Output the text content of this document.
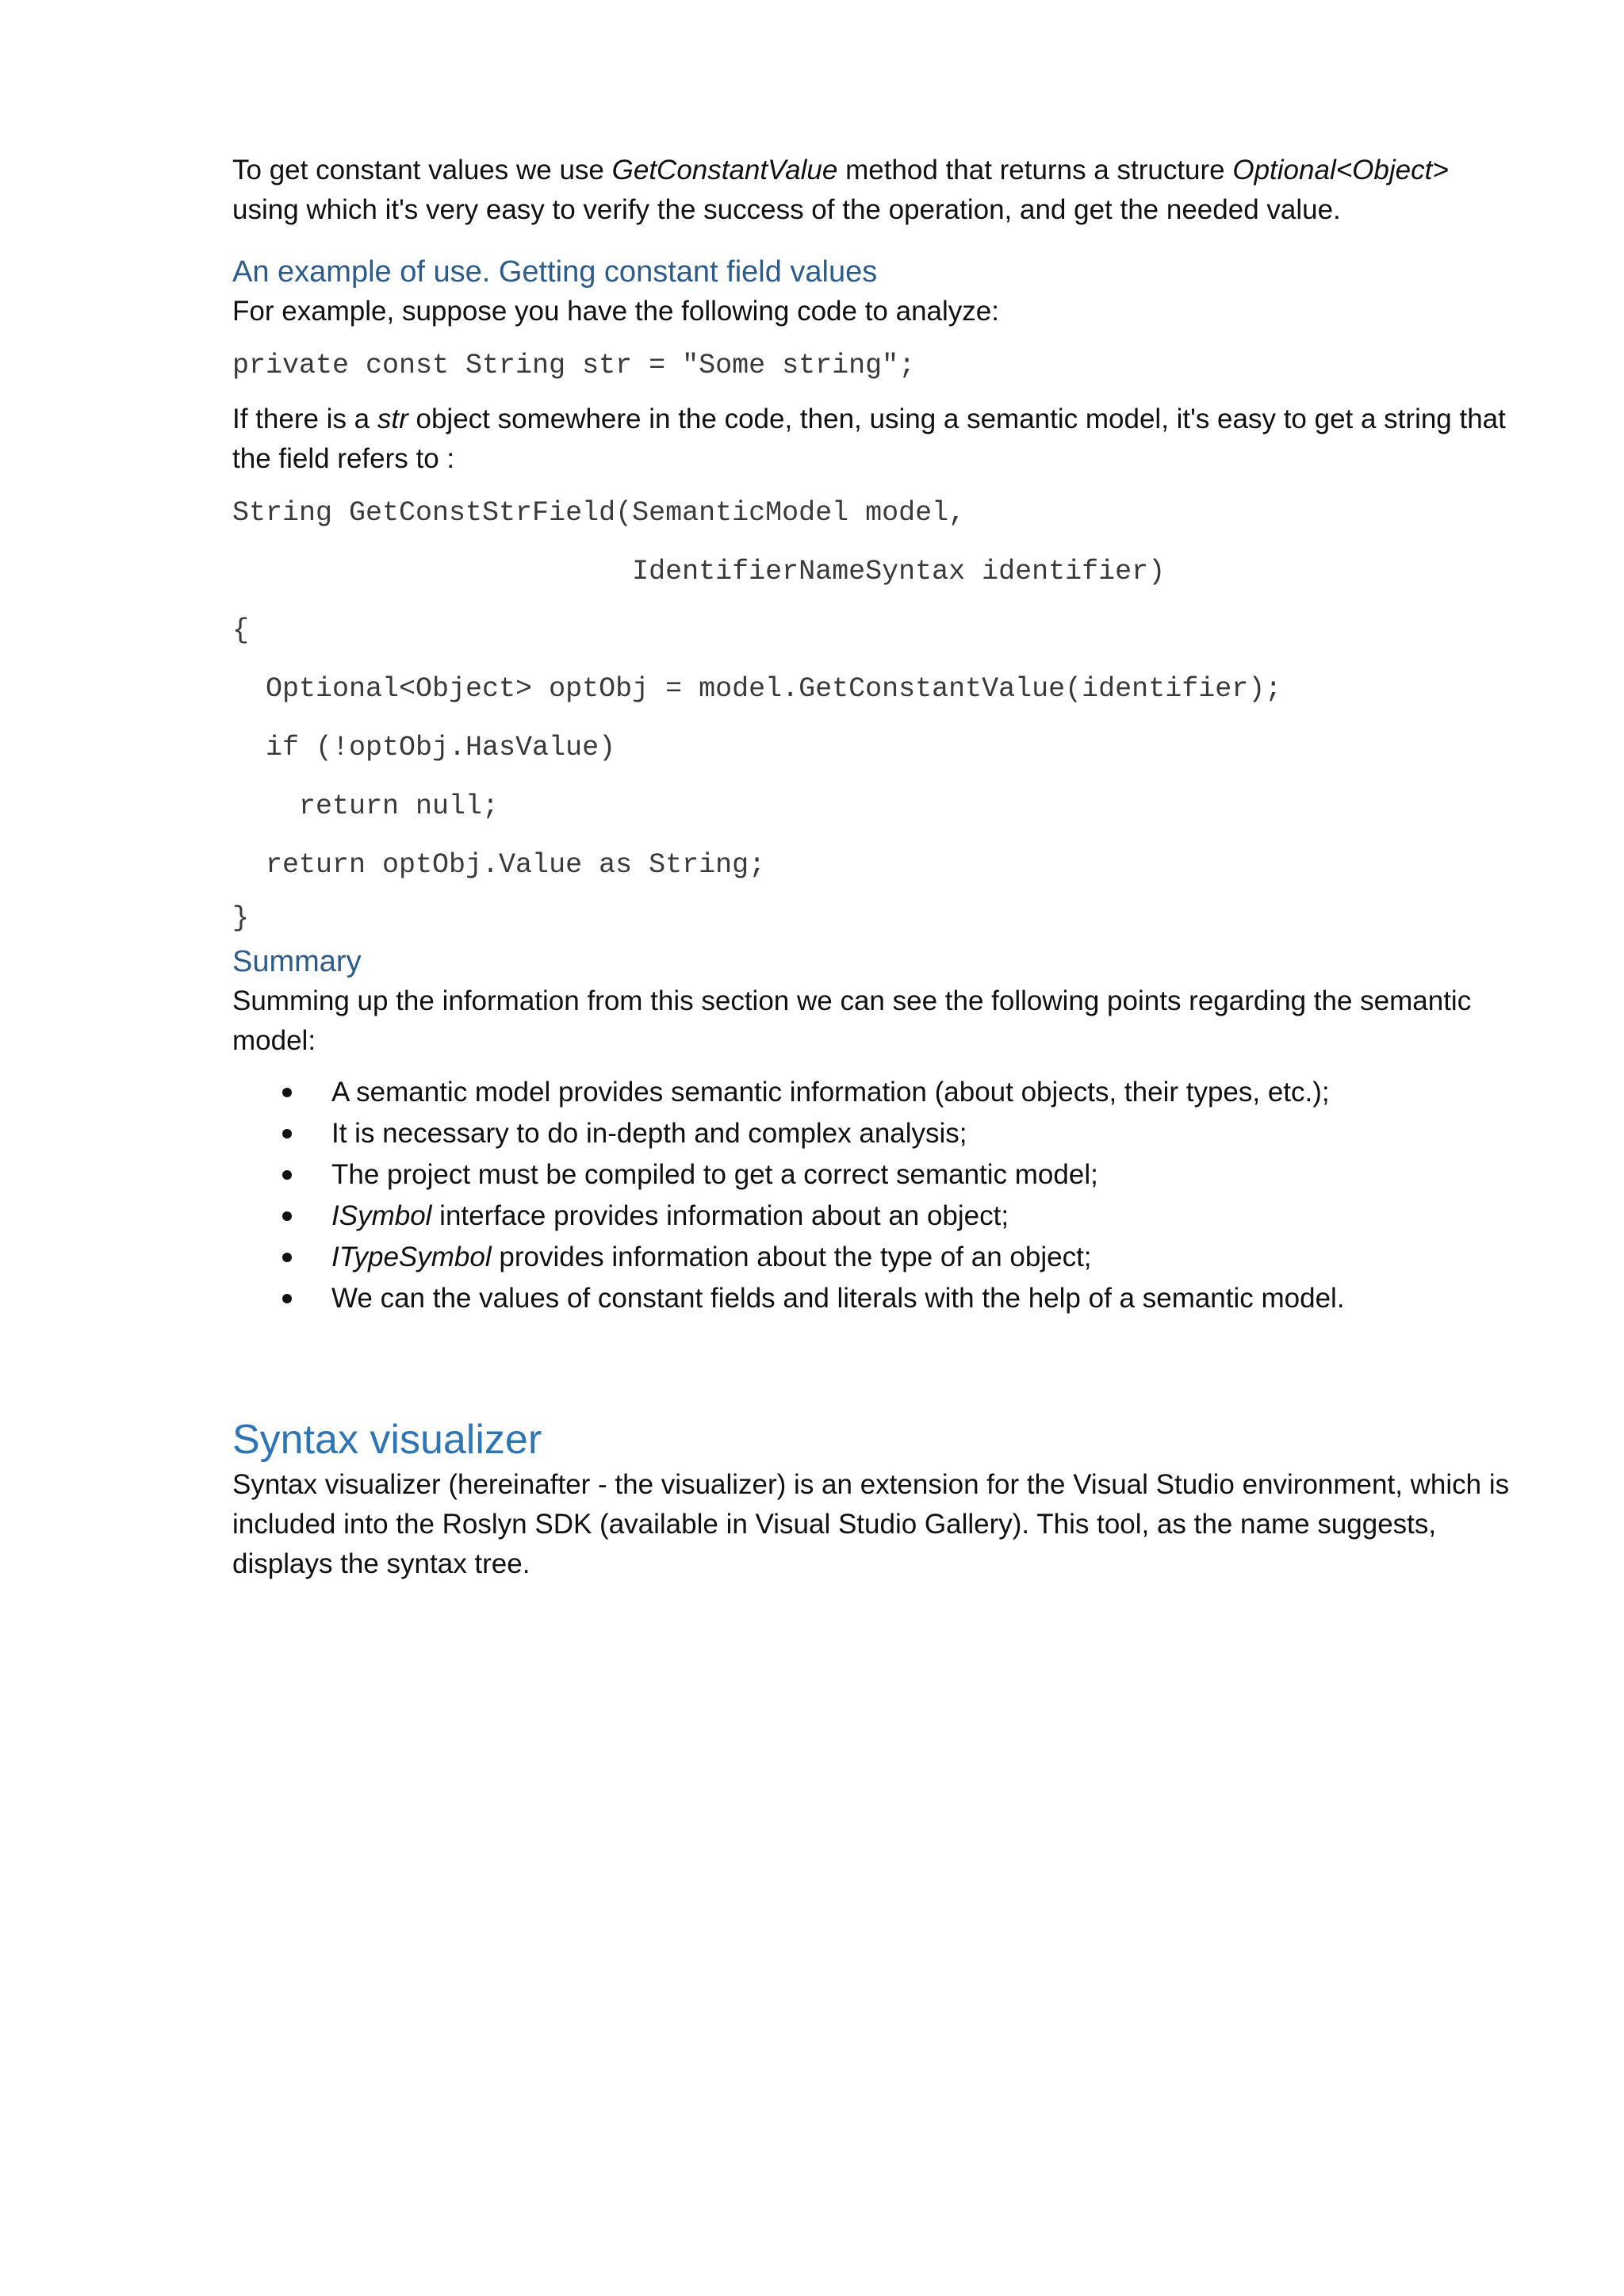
To get constant values we use GetConstantValue method that returns a structure Optional<Object>
using which it's very easy to verify the success of the operation, and get the needed value.

An example of use. Getting constant field values

For example, suppose you have the following code to analyze:

private const String str = "Some string";

If there is a str object somewhere in the code, then, using a semantic model, it's easy to get a string that the field refers to :

String GetConstStrField(SemanticModel model,
IdentifierNameSyntax identifier)
{
Optional<Object> optObj = model.GetConstantValue(identifier);
if (!optObj.HasValue)
return null;
return optObj.Value as String;
}
Summary

Summing up the information from this section we can see the following points regarding the semantic model:

A semantic model provides semantic information (about objects, their types, etc.);
It is necessary to do in-depth and complex analysis;
The project must be compiled to get a correct semantic model;
ISymbol interface provides information about an object;
ITypeSymbol provides information about the type of an object;
We can the values of constant fields and literals with the help of a semantic model.
Syntax visualizer

Syntax visualizer (hereinafter - the visualizer) is an extension for the Visual Studio environment, which is included into the Roslyn SDK (available in Visual Studio Gallery). This tool, as the name suggests, displays the syntax tree.
